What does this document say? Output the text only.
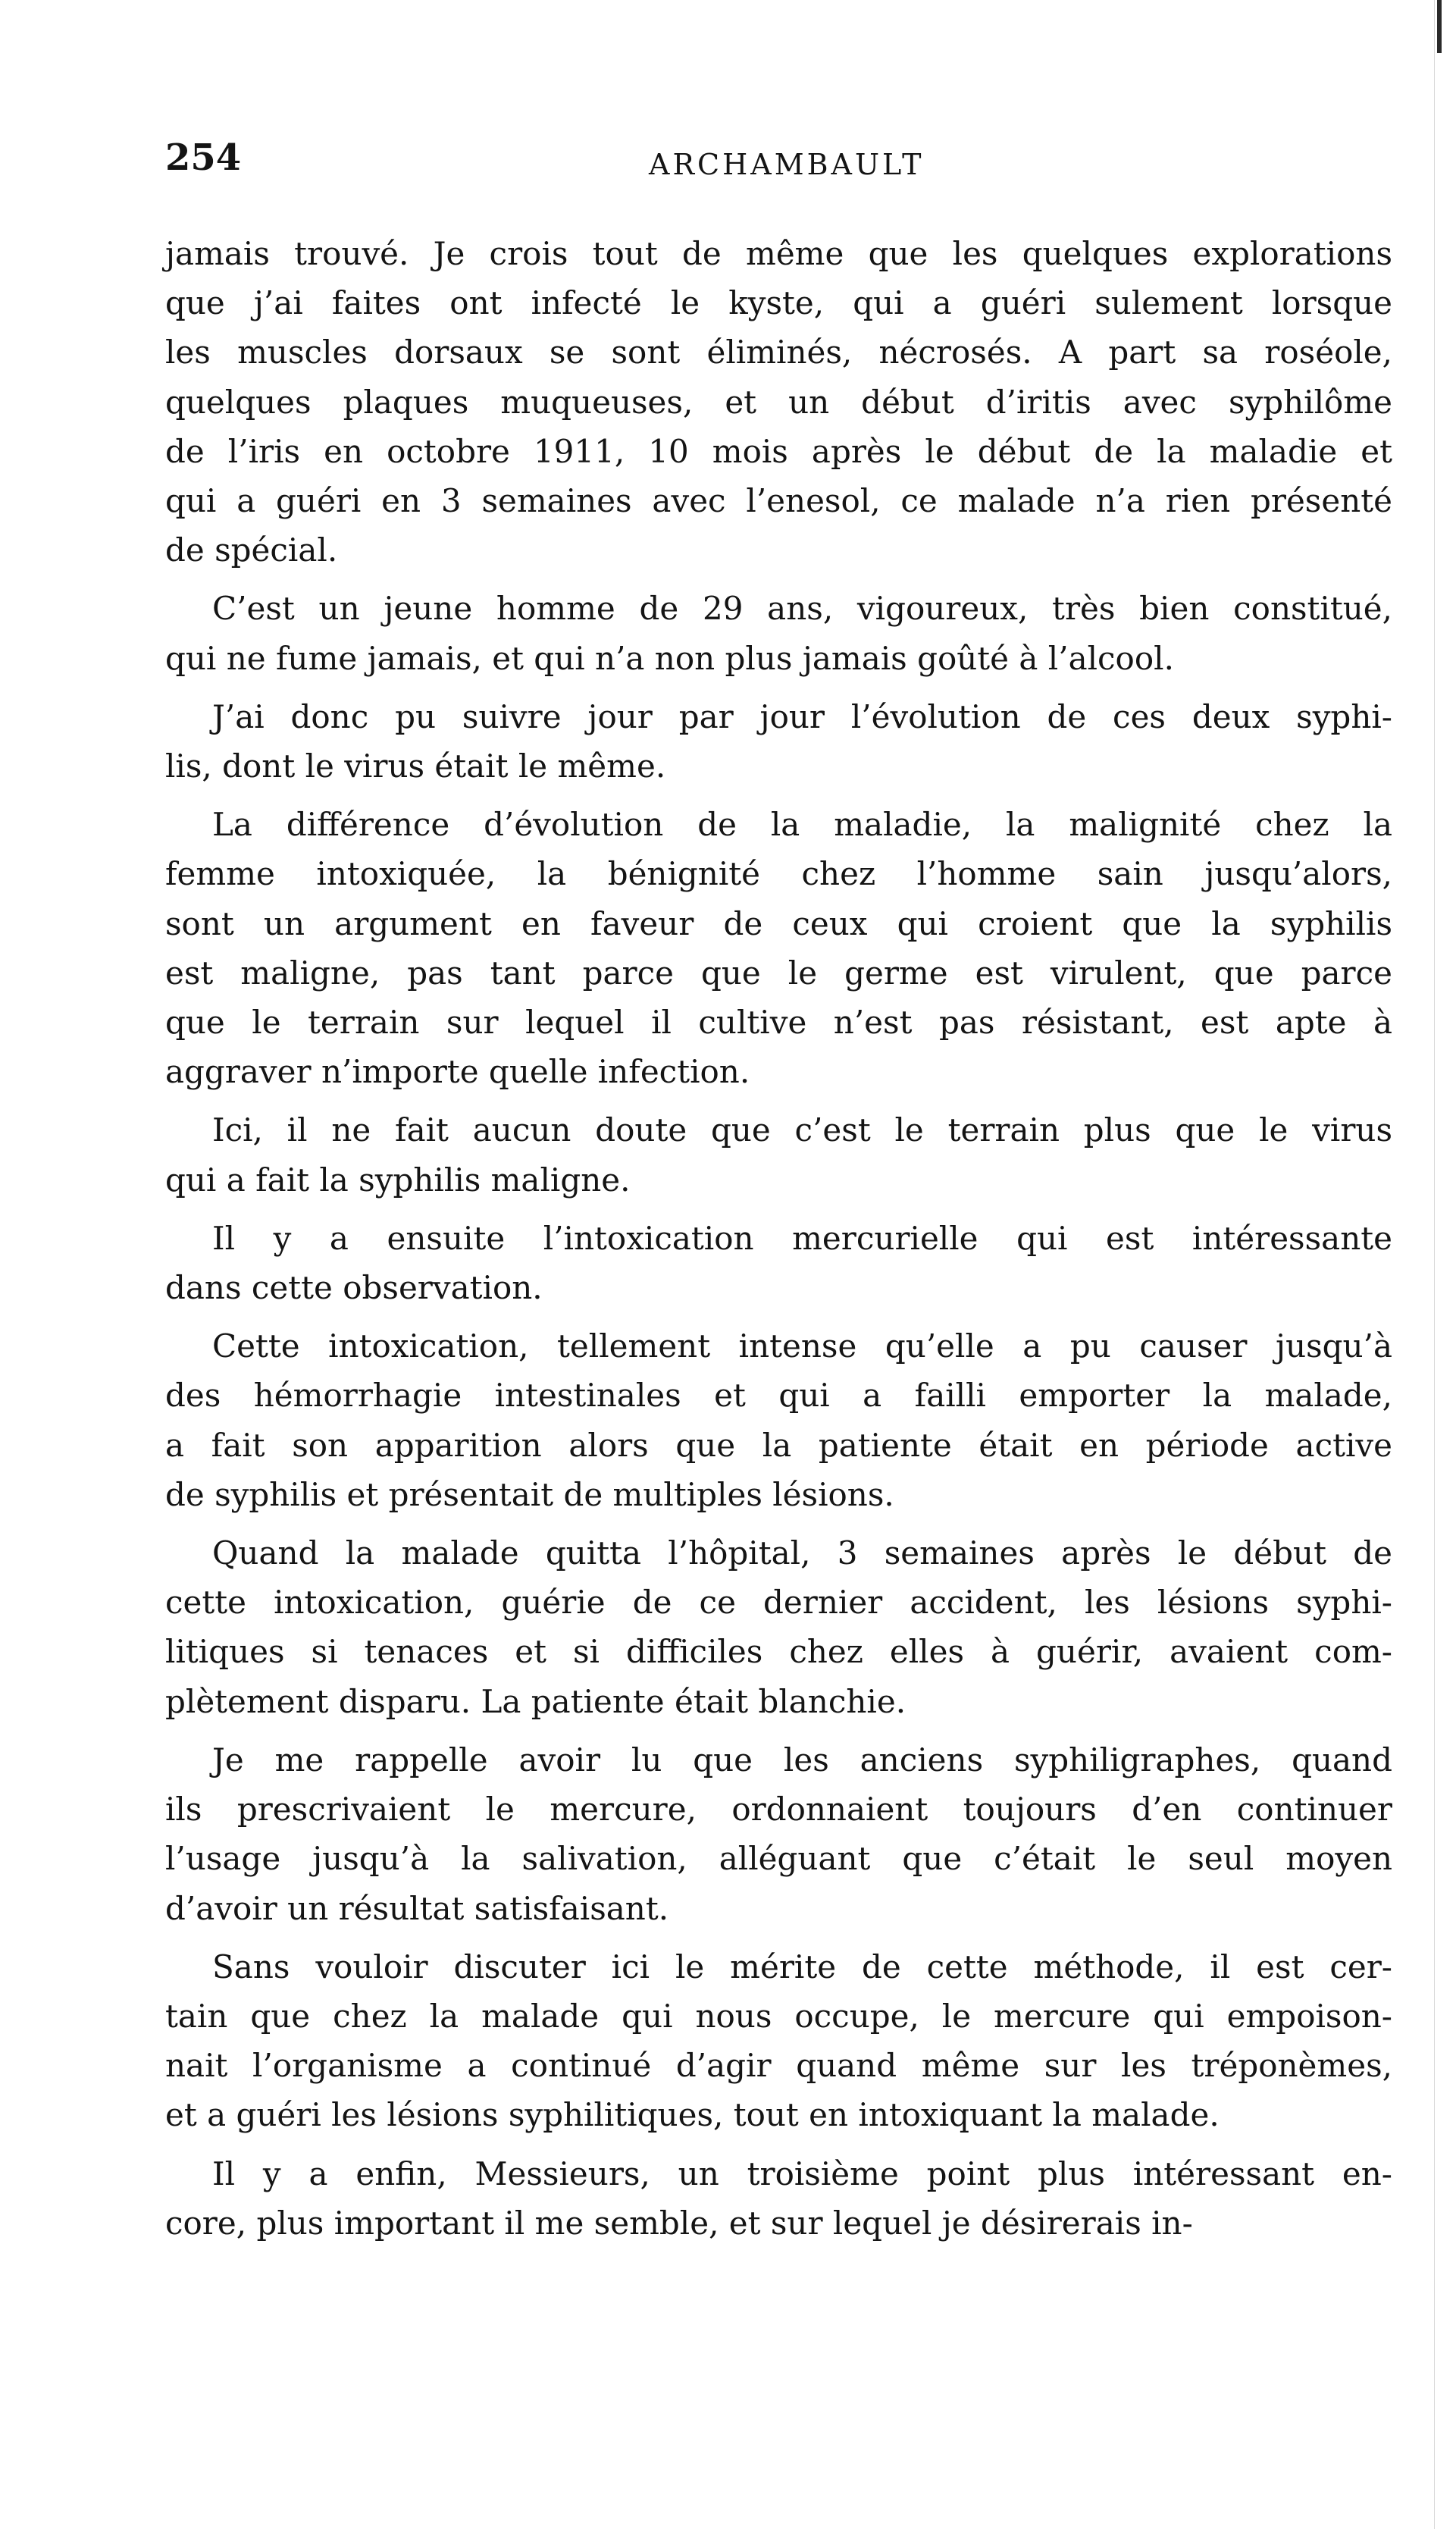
254	ARCHAMBAULT

jamais trouvé. Je crois tout de même que les quelques explorations
que j’ai faites ont infecté le kyste, qui a guéri sulement lorsque
les muscles dorsaux se sont éliminés, nécrosés. A part sa roséole,
quelques plaques muqueuses, et un début d’iritis avec syphilôme
de l’iris en octobre 1911, 10 mois après le début de la maladie et
qui a guéri en 3 semaines avec l’enesol, ce malade n’a rien présenté
de spécial.

C’est un jeune homme de 29 ans, vigoureux, très bien constitué,
qui ne fume jamais, et qui n’a non plus jamais goûté à l’alcool.

J’ai donc pu suivre jour par jour l’évolution de ces deux syphi-
lis, dont le virus était le même.

La différence d’évolution de la maladie, la malignité chez la
femme intoxiquée, la bénignité chez l’homme sain jusqu’alors,
sont un argument en faveur de ceux qui croient que la syphilis
est maligne, pas tant parce que le germe est virulent, que parce
que le terrain sur lequel il cultive n’est pas résistant, est apte à
aggraver n’importe quelle infection.

Ici, il ne fait aucun doute que c’est le terrain plus que le virus
qui a fait la syphilis maligne.

Il y a ensuite l’intoxication mercurielle qui est intéressante
dans cette observation.

Cette intoxication, tellement intense qu’elle a pu causer jusqu’à
des hémorrhagie intestinales et qui a failli emporter la malade,
a fait son apparition alors que la patiente était en période active
de syphilis et présentait de multiples lésions.

Quand la malade quitta l’hôpital, 3 semaines après le début de
cette intoxication, guérie de ce dernier accident, les lésions syphi-
litiques si tenaces et si difficiles chez elles à guérir, avaient com-
plètement disparu. La patiente était blanchie.

Je me rappelle avoir lu que les anciens syphiligraphes, quand
ils prescrivaient le mercure, ordonnaient toujours d’en continuer
l’usage jusqu’à la salivation, alléguant que c’était le seul moyen
d’avoir un résultat satisfaisant.

Sans vouloir discuter ici le mérite de cette méthode, il est cer-
tain que chez la malade qui nous occupe, le mercure qui empoison-
nait l’organisme a continué d’agir quand même sur les tréponèmes,
et a guéri les lésions syphilitiques, tout en intoxiquant la malade.

Il y a enfin, Messieurs, un troisième point plus intéressant en-
core, plus important il me semble, et sur lequel je désirerais in-
